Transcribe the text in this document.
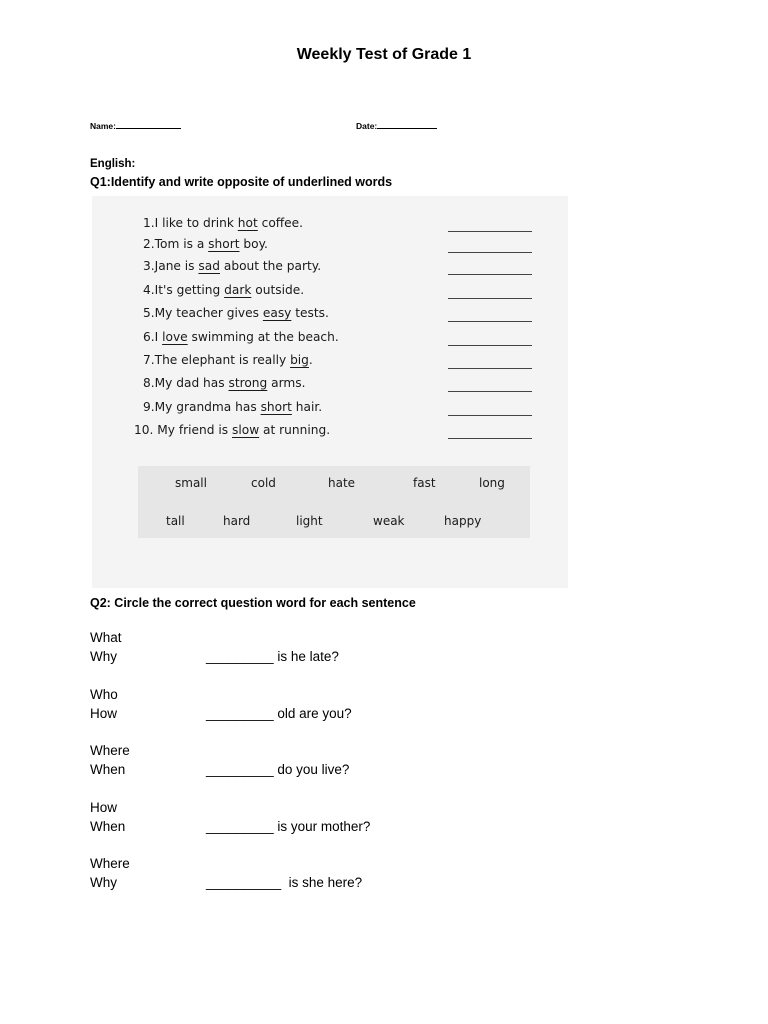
Weekly Test of Grade 1
Name:	Date:
English:
Q1:Identify and write opposite of underlined words
1.I like to drink hot coffee.
2.Tom is a short boy.
3.Jane is sad about the party.
4.It's getting dark outside.
5.My teacher gives easy tests.
6.I love swimming at the beach.
7.The elephant is really big.
8.My dad has strong arms.
9.My grandma has short hair.
10. My friend is slow at running.
small	cold	hate	fast	long
tall	hard	light	weak	happy
Q2: Circle the correct question word for each sentence
What
Why	_________ is he late?
Who
How	_________ old are you?
Where
When	_________ do you live?
How
When	_________ is your mother?
Where
Why	__________  is she here?
